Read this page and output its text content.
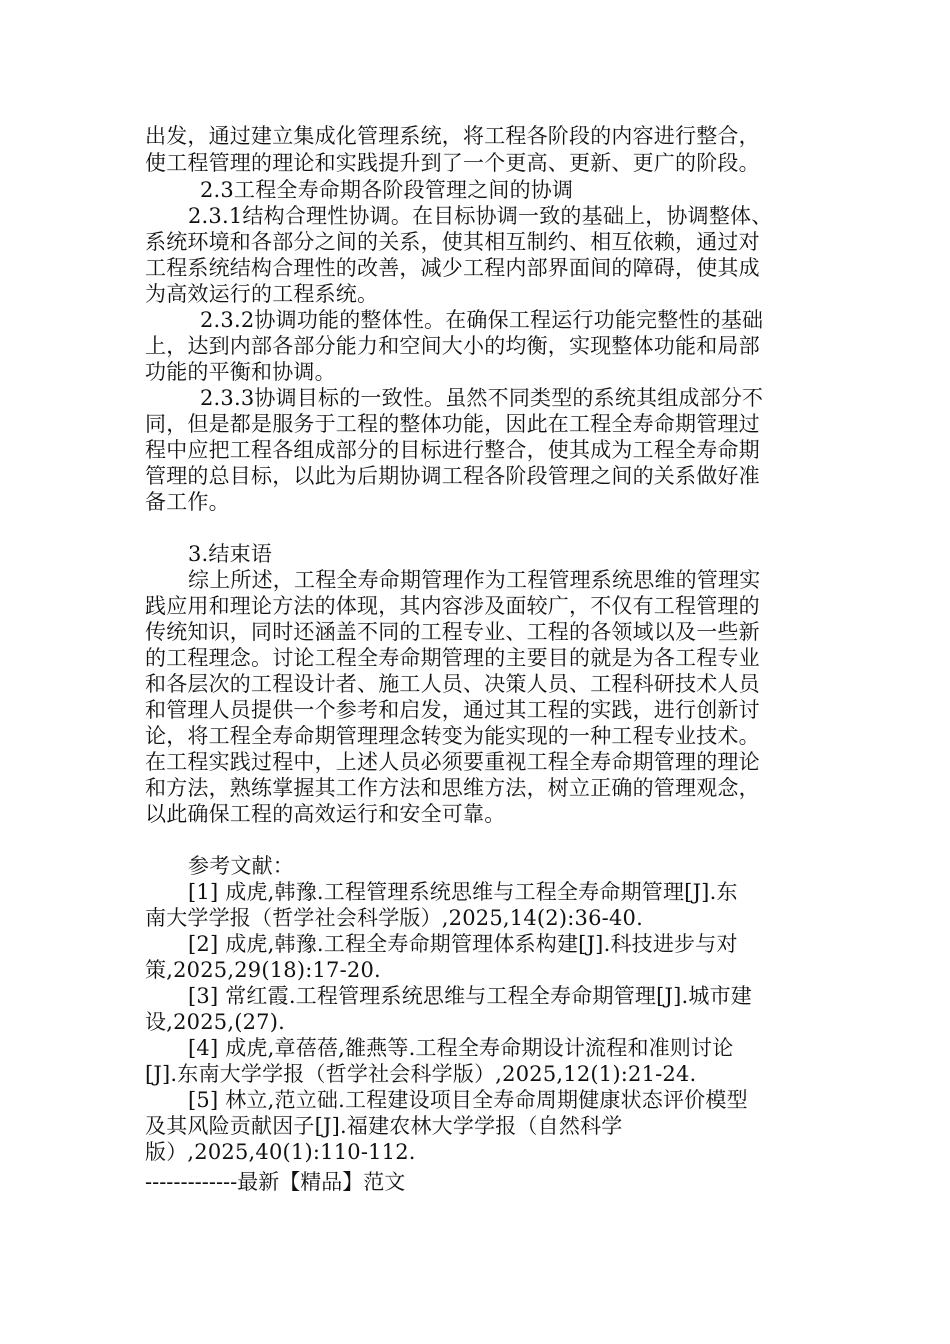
出发，通过建立集成化管理系统，将工程各阶段的内容进行整合，
使工程管理的理论和实践提升到了一个更高、更新、更广的阶段。
2.3工程全寿命期各阶段管理之间的协调
2.3.1结构合理性协调。在目标协调一致的基础上，协调整体、
系统环境和各部分之间的关系，使其相互制约、相互依赖，通过对
工程系统结构合理性的改善，减少工程内部界面间的障碍，使其成
为高效运行的工程系统。
2.3.2协调功能的整体性。在确保工程运行功能完整性的基础
上，达到内部各部分能力和空间大小的均衡，实现整体功能和局部
功能的平衡和协调。
2.3.3协调目标的一致性。虽然不同类型的系统其组成部分不
同，但是都是服务于工程的整体功能，因此在工程全寿命期管理过
程中应把工程各组成部分的目标进行整合，使其成为工程全寿命期
管理的总目标，以此为后期协调工程各阶段管理之间的关系做好准
备工作。
3.结束语
综上所述，工程全寿命期管理作为工程管理系统思维的管理实
践应用和理论方法的体现，其内容涉及面较广，不仅有工程管理的
传统知识，同时还涵盖不同的工程专业、工程的各领域以及一些新
的工程理念。讨论工程全寿命期管理的主要目的就是为各工程专业
和各层次的工程设计者、施工人员、决策人员、工程科研技术人员
和管理人员提供一个参考和启发，通过其工程的实践，进行创新讨
论，将工程全寿命期管理理念转变为能实现的一种工程专业技术。
在工程实践过程中，上述人员必须要重视工程全寿命期管理的理论
和方法，熟练掌握其工作方法和思维方法，树立正确的管理观念，
以此确保工程的高效运行和安全可靠。
参考文献：
[1] 成虎,韩豫.工程管理系统思维与工程全寿命期管理[J].东
南大学学报（哲学社会科学版）,2025,14(2):36-40.
[2] 成虎,韩豫.工程全寿命期管理体系构建[J].科技进步与对
策,2025,29(18):17-20.
[3] 常红霞.工程管理系统思维与工程全寿命期管理[J].城市建
设,2025,(27).
[4] 成虎,章蓓蓓,雒燕等.工程全寿命期设计流程和准则讨论
[J].东南大学学报（哲学社会科学版）,2025,12(1):21-24.
[5] 林立,范立础.工程建设项目全寿命周期健康状态评价模型
及其风险贡献因子[J].福建农林大学学报（自然科学
版）,2025,40(1):110-112.
-------------最新【精品】范文
